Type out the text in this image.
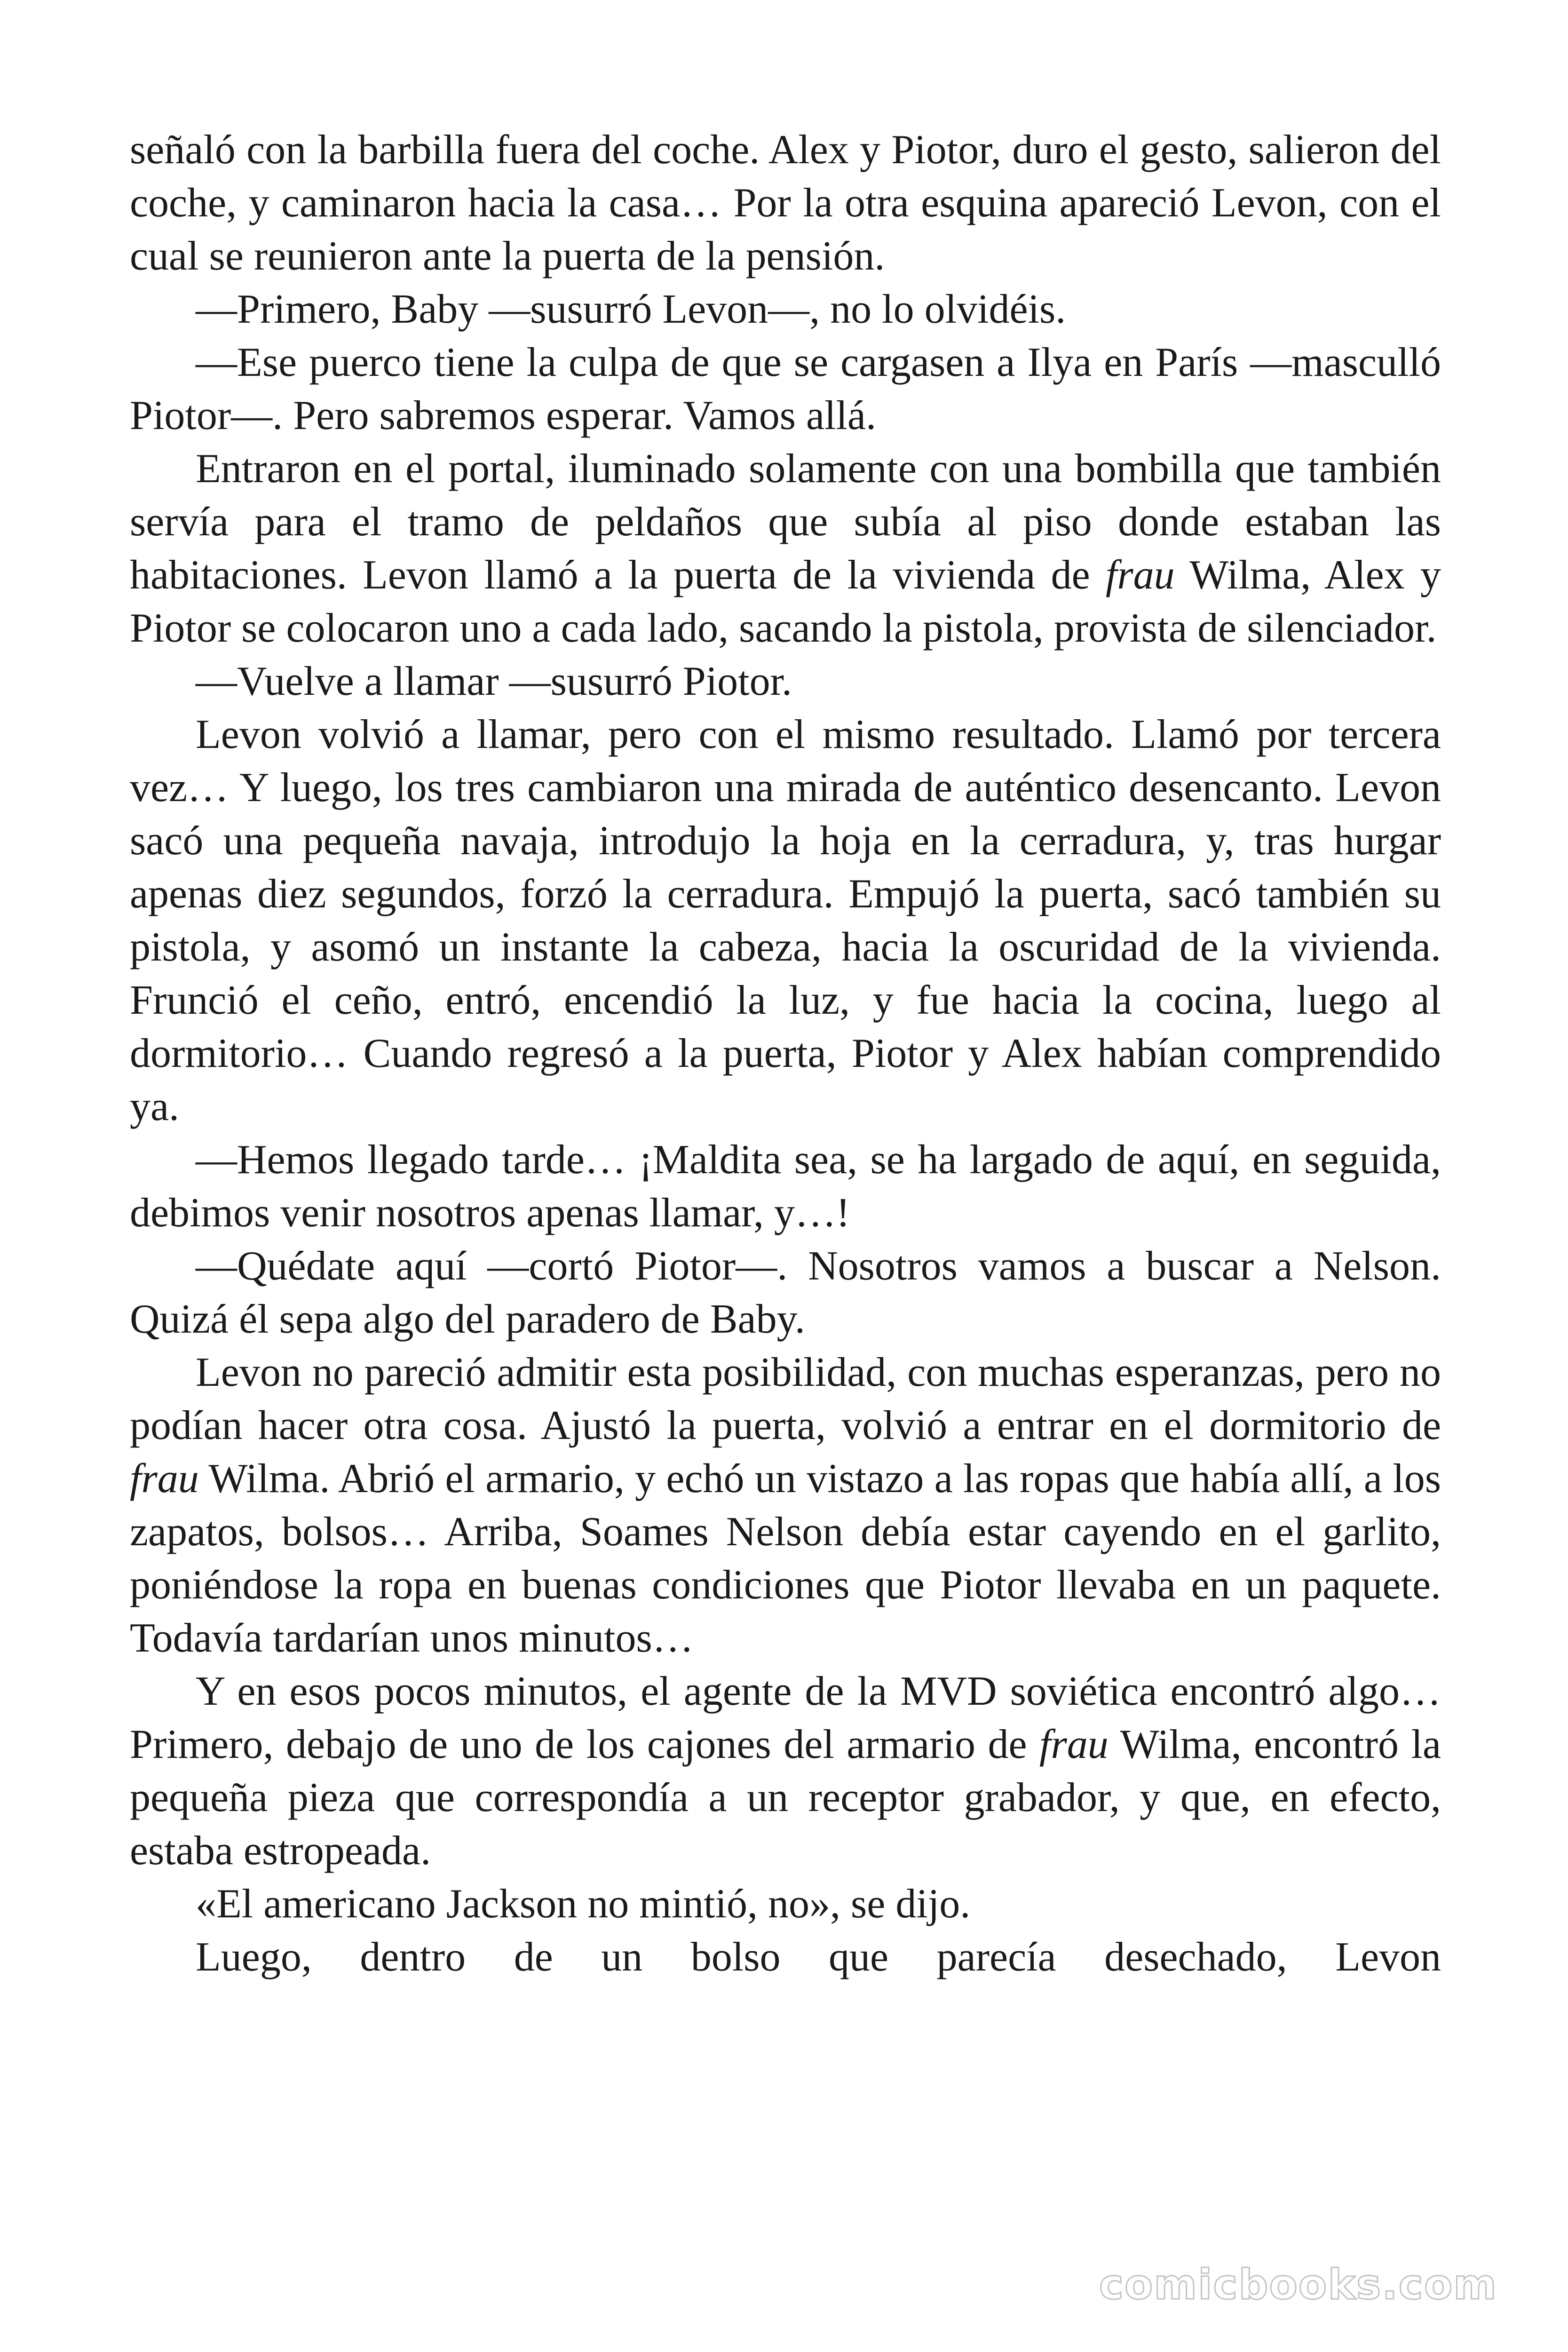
señaló con la barbilla fuera del coche. Alex y Piotor, duro el gesto, salieron del coche, y caminaron hacia la casa… Por la otra esquina apareció Levon, con el cual se reunieron ante la puerta de la pensión.

—Primero, Baby —susurró Levon—, no lo olvidéis.

—Ese puerco tiene la culpa de que se cargasen a Ilya en París —masculló Piotor—. Pero sabremos esperar. Vamos allá.

Entraron en el portal, iluminado solamente con una bombilla que también servía para el tramo de peldaños que subía al piso donde estaban las habitaciones. Levon llamó a la puerta de la vivienda de frau Wilma, Alex y Piotor se colocaron uno a cada lado, sacando la pistola, provista de silenciador.

—Vuelve a llamar —susurró Piotor.

Levon volvió a llamar, pero con el mismo resultado. Llamó por tercera vez… Y luego, los tres cambiaron una mirada de auténtico desencanto. Levon sacó una pequeña navaja, introdujo la hoja en la cerradura, y, tras hurgar apenas diez segundos, forzó la cerradura. Empujó la puerta, sacó también su pistola, y asomó un instante la cabeza, hacia la oscuridad de la vivienda. Frunció el ceño, entró, encendió la luz, y fue hacia la cocina, luego al dormitorio… Cuando regresó a la puerta, Piotor y Alex habían comprendido ya.

—Hemos llegado tarde… ¡Maldita sea, se ha largado de aquí, en seguida, debimos venir nosotros apenas llamar, y…!

—Quédate aquí —cortó Piotor—. Nosotros vamos a buscar a Nelson. Quizá él sepa algo del paradero de Baby.

Levon no pareció admitir esta posibilidad, con muchas esperanzas, pero no podían hacer otra cosa. Ajustó la puerta, volvió a entrar en el dormitorio de frau Wilma. Abrió el armario, y echó un vistazo a las ropas que había allí, a los zapatos, bolsos… Arriba, Soames Nelson debía estar cayendo en el garlito, poniéndose la ropa en buenas condiciones que Piotor llevaba en un paquete. Todavía tardarían unos minutos…

Y en esos pocos minutos, el agente de la MVD soviética encontró algo… Primero, debajo de uno de los cajones del armario de frau Wilma, encontró la pequeña pieza que correspondía a un receptor grabador, y que, en efecto, estaba estropeada.

«El americano Jackson no mintió, no», se dijo.

Luego, dentro de un bolso que parecía desechado, Levon

comicbooks.com
